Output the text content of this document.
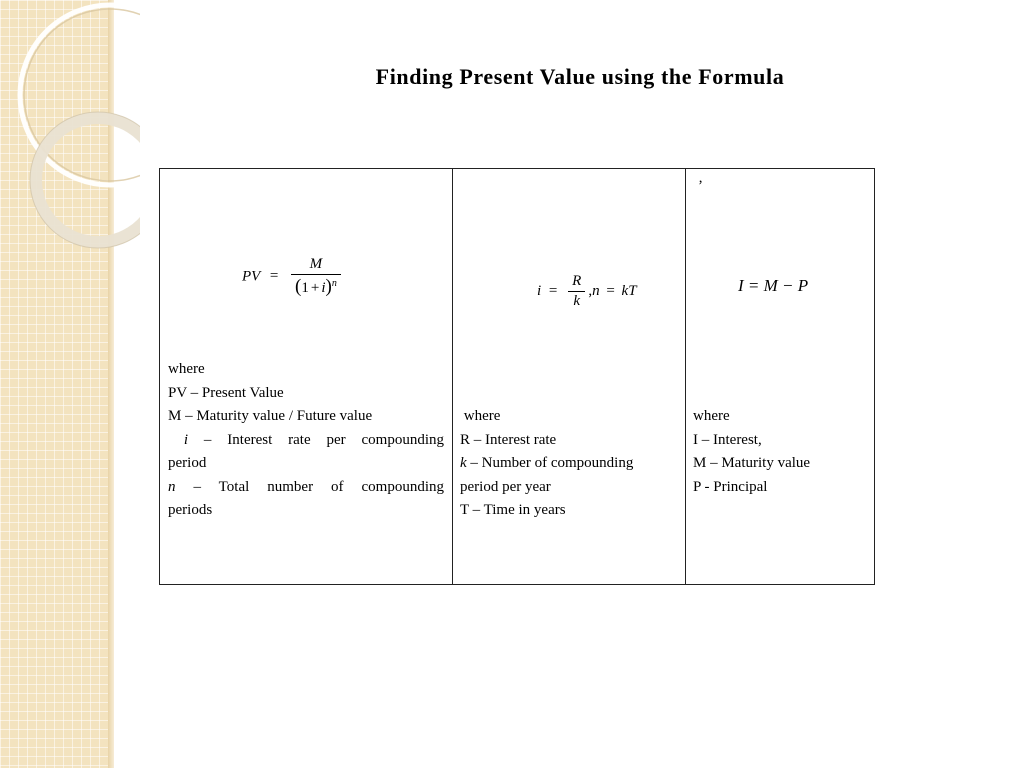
Finding Present Value using the Formula
PV = $\frac{M}{(1 + i)^n}$
where
PV – Present Value
M – Maturity value / Future value
i – Interest rate per compounding
period
n – Total number of compounding
periods

$i = \frac{R}{k} ,n$ = kT
where
R – Interest rate
k – Number of compounding
period per year
T – Time in years

’
I = M − P
where
I – Interest,
M – Maturity value
P - Principal
